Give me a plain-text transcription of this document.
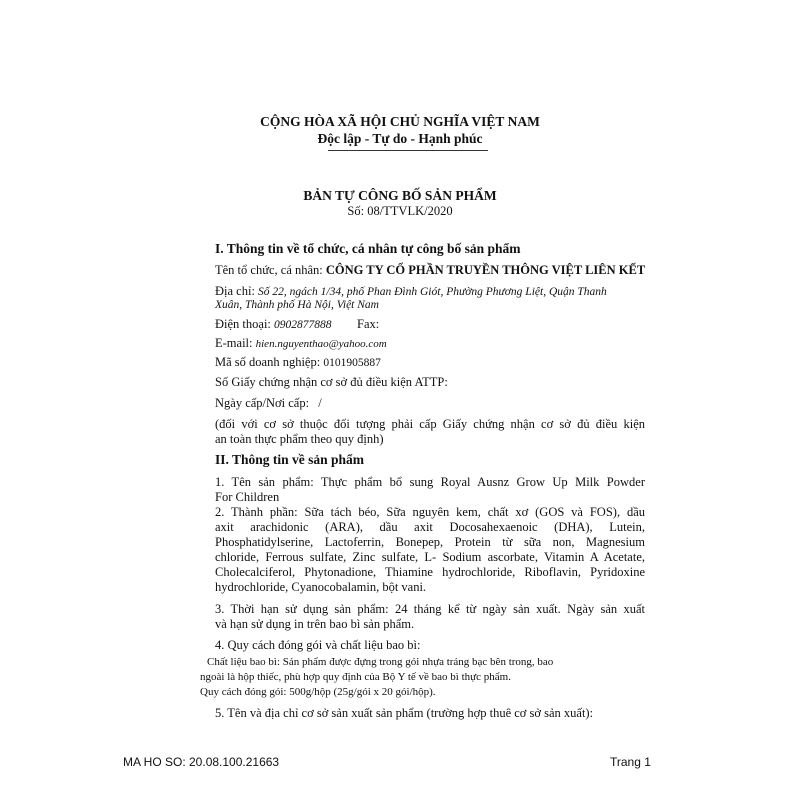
CỘNG HÒA XÃ HỘI CHỦ NGHĨA VIỆT NAM
Độc lập - Tự do - Hạnh phúc
BẢN TỰ CÔNG BỐ SẢN PHẨM
Số: 08/TTVLK/2020
I. Thông tin về tổ chức, cá nhân tự công bố sản phẩm
Tên tổ chức, cá nhân: CÔNG TY CỔ PHẦN TRUYỀN THÔNG VIỆT LIÊN KẾT
Địa chỉ: Số 22, ngách 1/34, phố Phan Đình Giót, Phường Phương Liệt, Quận Thanh
Xuân, Thành phố Hà Nội, Việt Nam
Điện thoại: 0902877888 Fax:
E-mail: hien.nguyenthao@yahoo.com
Mã số doanh nghiệp: 0101905887
Số Giấy chứng nhận cơ sở đủ điều kiện ATTP:
Ngày cấp/Nơi cấp: /
(đối với cơ sở thuộc đối tượng phải cấp Giấy chứng nhận cơ sở đủ điều kiện
an toàn thực phẩm theo quy định)
II. Thông tin về sản phẩm
1. Tên sản phẩm: Thực phẩm bổ sung Royal Ausnz Grow Up Milk Powder
For Children
2. Thành phần: Sữa tách béo, Sữa nguyên kem, chất xơ (GOS và FOS), dầu
axit arachidonic (ARA), dầu axit Docosahexaenoic (DHA), Lutein,
Phosphatidylserine, Lactoferrin, Bonepep, Protein từ sữa non, Magnesium
chloride, Ferrous sulfate, Zinc sulfate, L- Sodium ascorbate, Vitamin A Acetate,
Cholecalciferol, Phytonadione, Thiamine hydrochloride, Riboflavin, Pyridoxine
hydrochloride, Cyanocobalamin, bột vani.
3. Thời hạn sử dụng sản phẩm: 24 tháng kể từ ngày sản xuất. Ngày sản xuất
và hạn sử dụng in trên bao bì sản phẩm.
4. Quy cách đóng gói và chất liệu bao bì:
Chất liệu bao bì: Sản phẩm được đựng trong gói nhựa tráng bạc bên trong, bao
ngoài là hộp thiếc, phù hợp quy định của Bộ Y tế về bao bì thực phẩm.
Quy cách đóng gói: 500g/hộp (25g/gói x 20 gói/hộp).
5. Tên và địa chỉ cơ sở sản xuất sản phẩm (trường hợp thuê cơ sở sản xuất):
MA HO SO: 20.08.100.21663	Trang 1
